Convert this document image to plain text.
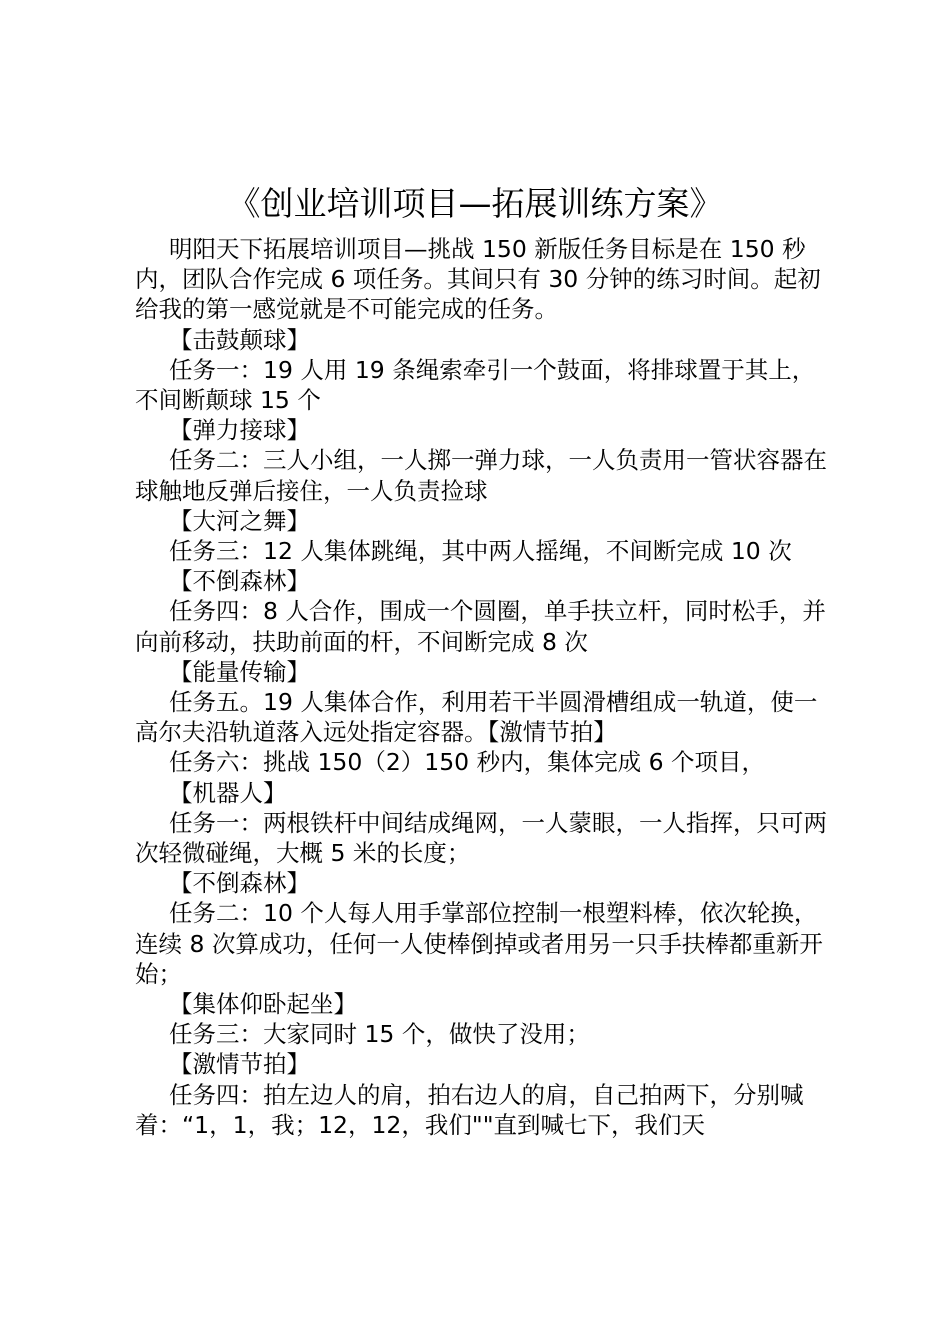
《创业培训项目—拓展训练方案》

明阳天下拓展培训项目—挑战 150 新版任务目标是在 150 秒内，团队合作完成 6 项任务。其间只有 30 分钟的练习时间。起初给我的第一感觉就是不可能完成的任务。

【击鼓颠球】

任务一：19 人用 19 条绳索牵引一个鼓面，将排球置于其上，不间断颠球 15 个

【弹力接球】

任务二：三人小组，一人掷一弹力球，一人负责用一管状容器在球触地反弹后接住，一人负责捡球

【大河之舞】

任务三：12 人集体跳绳，其中两人摇绳，不间断完成 10 次

【不倒森林】

任务四：8 人合作，围成一个圆圈，单手扶立杆，同时松手，并向前移动，扶助前面的杆，不间断完成 8 次

【能量传输】

任务五。19 人集体合作，利用若干半圆滑槽组成一轨道，使一高尔夫沿轨道落入远处指定容器。【激情节拍】

任务六：挑战 150（2）150 秒内，集体完成 6 个项目，

【机器人】

任务一：两根铁杆中间结成绳网，一人蒙眼，一人指挥，只可两次轻微碰绳，大概 5 米的长度；

【不倒森林】

任务二：10 个人每人用手掌部位控制一根塑料棒，依次轮换，连续 8 次算成功，任何一人使棒倒掉或者用另一只手扶棒都重新开始；

【集体仰卧起坐】

任务三：大家同时 15 个，做快了没用；

【激情节拍】

任务四：拍左边人的肩，拍右边人的肩，自己拍两下，分别喊着：“1，1，我；12，12，我们""直到喊七下，我们天
